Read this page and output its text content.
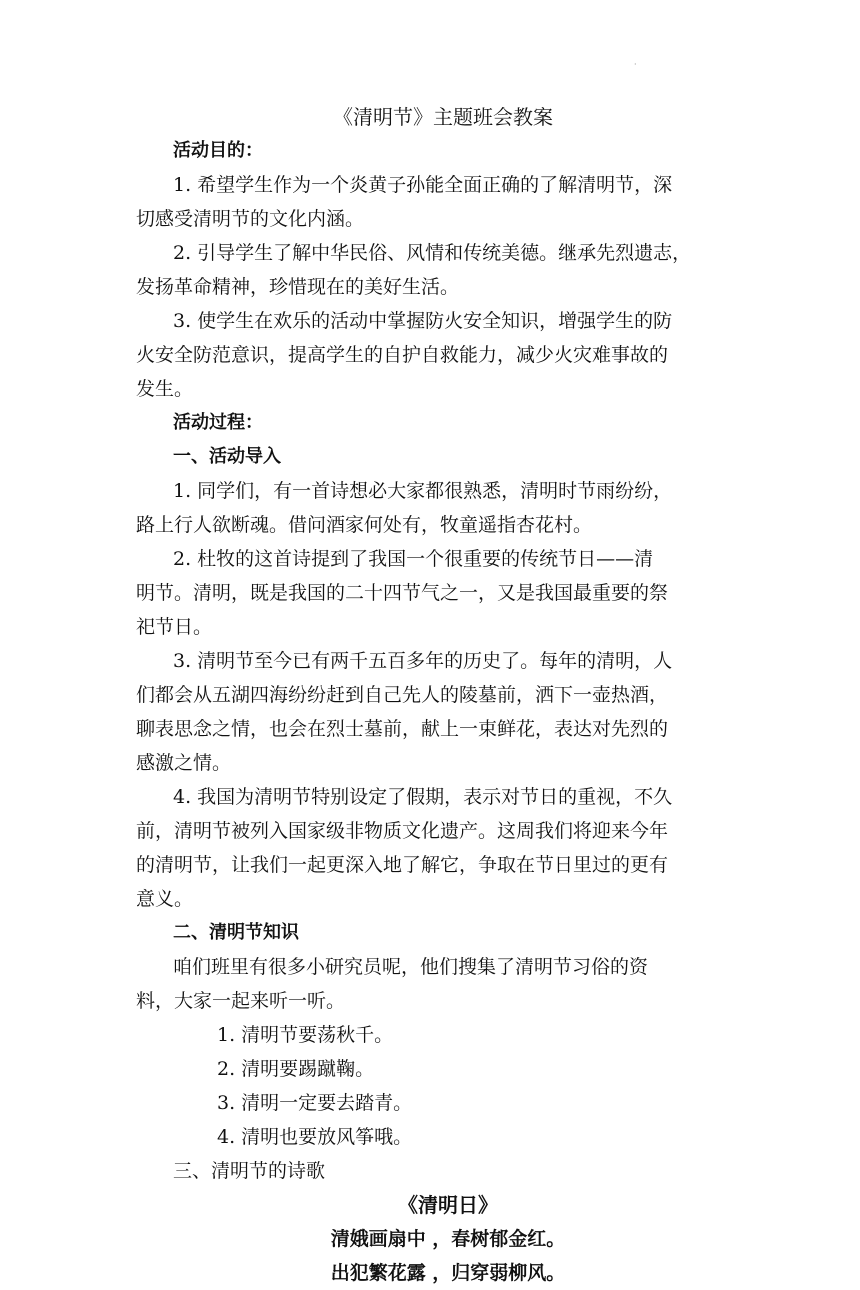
·
《清明节》主题班会教案
活动目的：
1. 希望学生作为一个炎黄子孙能全面正确的了解清明节，深
切感受清明节的文化内涵。
2. 引导学生了解中华民俗、风情和传统美德。继承先烈遗志，
发扬革命精神，珍惜现在的美好生活。
3. 使学生在欢乐的活动中掌握防火安全知识，增强学生的防
火安全防范意识，提高学生的自护自救能力，减少火灾难事故的
发生。
活动过程：
一、活动导入
1. 同学们，有一首诗想必大家都很熟悉，清明时节雨纷纷，
路上行人欲断魂。借问酒家何处有，牧童遥指杏花村。
2. 杜牧的这首诗提到了我国一个很重要的传统节日——清
明节。清明，既是我国的二十四节气之一，又是我国最重要的祭
祀节日。
3. 清明节至今已有两千五百多年的历史了。每年的清明，人
们都会从五湖四海纷纷赶到自己先人的陵墓前，洒下一壶热酒，
聊表思念之情，也会在烈士墓前，献上一束鲜花，表达对先烈的
感激之情。
4. 我国为清明节特别设定了假期，表示对节日的重视，不久
前，清明节被列入国家级非物质文化遗产。这周我们将迎来今年
的清明节，让我们一起更深入地了解它，争取在节日里过的更有
意义。
二、清明节知识
咱们班里有很多小研究员呢，他们搜集了清明节习俗的资
料，大家一起来听一听。
1. 清明节要荡秋千。
2. 清明要踢蹴鞠。
3. 清明一定要去踏青。
4. 清明也要放风筝哦。
三、清明节的诗歌
《清明日》
清娥画扇中 ，春树郁金红。
出犯繁花露 ，归穿弱柳风。
